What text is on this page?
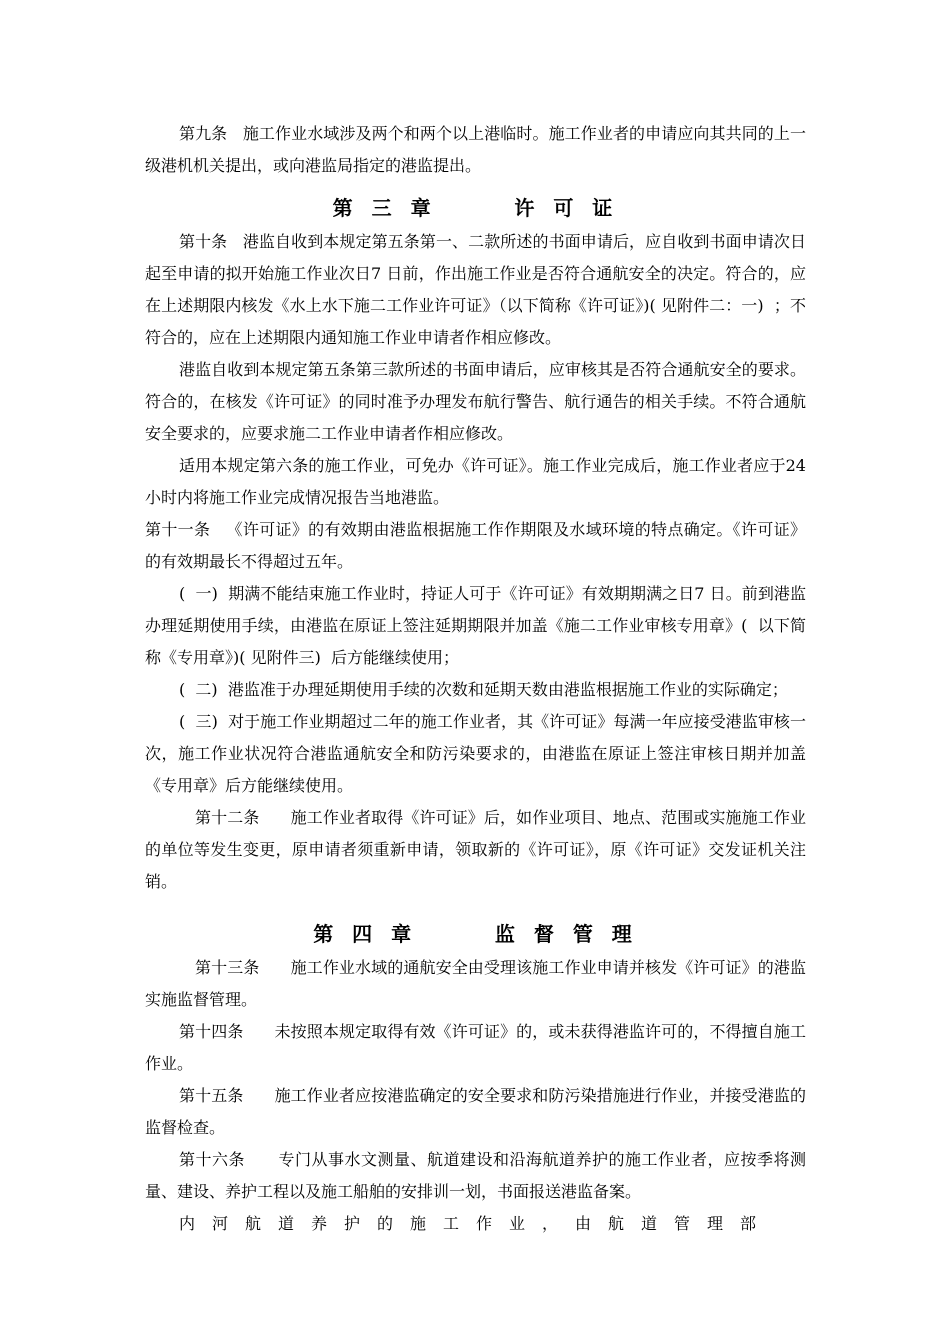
第九条   施工作业水域涉及两个和两个以上港临时。施工作业者的申请应向其共同的上一级港机机关提出，或向港监局指定的港监提出。

第 三 章      许 可 证

第十条   港监自收到本规定第五条第一、二款所述的书面申请后，应自收到书面申请次日起至申请的拟开始施工作业次日7 日前，作出施工作业是否符合通航安全的决定。符合的，应在上述期限内核发《水上水下施二工作业许可证》（以下简称《许可证》)( 见附件二：一)  ；不符合的，应在上述期限内通知施工作业申请者作相应修改。

港监自收到本规定第五条第三款所述的书面申请后，应审核其是否符合通航安全的要求。符合的，在核发《许可证》的同时准予办理发布航行警告、航行通告的相关手续。不符合通航安全要求的，应要求施二工作业申请者作相应修改。

适用本规定第六条的施工作业，可免办《许可证》。施工作业完成后，施工作业者应于24小时内将施工作业完成情况报告当地港监。

第十一条   《许可证》的有效期由港监根据施工作作期限及水域环境的特点确定。《许可证》的有效期最长不得超过五年。

(  一)  期满不能结束施工作业时，持证人可于《许可证》有效期期满之日7 日。前到港监办理延期使用手续，由港监在原证上签注延期期限并加盖《施二工作业审核专用章》(  以下简称《专用章》)( 见附件三)  后方能继续使用；

(  二)  港监准于办理延期使用手续的次数和延期天数由港监根据施工作业的实际确定；

(  三)  对于施工作业期超过二年的施工作业者，其《许可证》每满一年应接受港监审核一次，施工作业状况符合港监通航安全和防污染要求的，由港监在原证上签注审核日期并加盖《专用章》后方能继续使用。

第十二条      施工作业者取得《许可证》后，如作业项目、地点、范围或实施施工作业的单位等发生变更，原申请者须重新申请，领取新的《许可证》，原《许可证》交发证机关注销。

第 四 章      监 督 管 理

第十三条      施工作业水域的通航安全由受理该施工作业申请并核发《许可证》的港监实施监督管理。

第十四条      未按照本规定取得有效《许可证》的，或未获得港监许可的，不得擅自施工作业。

第十五条      施工作业者应按港监确定的安全要求和防污染措施进行作业，并接受港监的监督检查。

第十六条      专门从事水文测量、航道建设和沿海航道养护的施工作业者，应按季将测量、建设、养护工程以及施工船舶的安排训一划，书面报送港监备案。

内河航道养护的施工作业，由航道管理部
